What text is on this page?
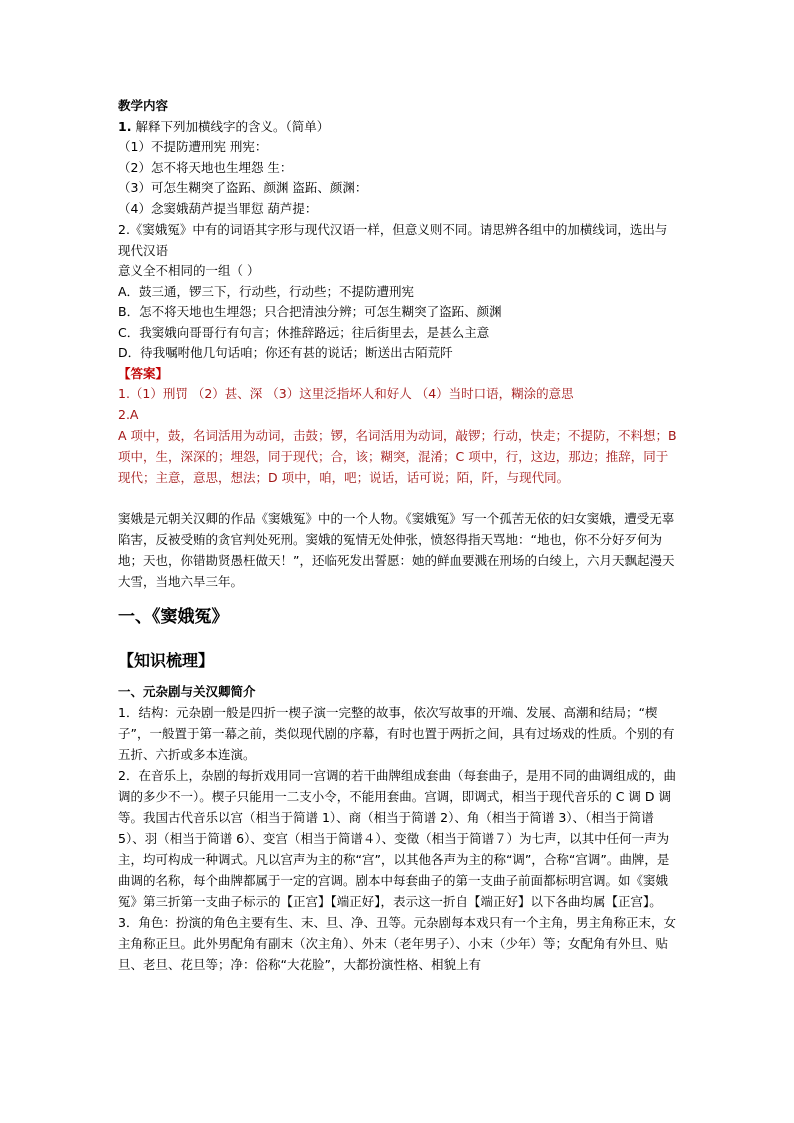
教学内容

1. 解释下列加横线字的含义。（简单）

（1）不提防遭刑宪 刑宪：

（2）怎不将天地也生埋怨 生：

（3）可怎生糊突了盗跖、颜渊 盗跖、颜渊：

（4）念窦娥葫芦提当罪愆 葫芦提：

2.《窦娥冤》中有的词语其字形与现代汉语一样，但意义则不同。请思辨各组中的加横线词，选出与现代汉语

意义全不相同的一组（ ）

A．鼓三通，锣三下，行动些，行动些；不提防遭刑宪

B．怎不将天地也生埋怨；只合把清浊分辨；可怎生糊突了盗跖、颜渊

C．我窦娥向哥哥行有句言；休推辞路远；往后街里去，是甚么主意

D．待我嘱咐他几句话咱；你还有甚的说话；断送出古陌荒阡

【答案】

1.（1）刑罚 （2）甚、深 （3）这里泛指坏人和好人 （4）当时口语，糊涂的意思

2.A

A 项中，鼓，名词活用为动词，击鼓；锣，名词活用为动词，敲锣；行动，快走；不提防，不料想；B 项中，生，深深的；埋怨，同于现代；合，该；糊突，混淆；C 项中，行，这边，那边；推辞，同于现代；主意，意思，想法；D 项中，咱，吧；说话，话可说；陌，阡，与现代同。

窦娥是元朝关汉卿的作品《窦娥冤》中的一个人物。《窦娥冤》写一个孤苦无依的妇女窦娥，遭受无辜陷害，反被受贿的贪官判处死刑。窦娥的冤情无处伸张，愤怒得指天骂地：“地也，你不分好歹何为地；天也，你错勘贤愚枉做天！”，还临死发出誓愿：她的鲜血要溅在刑场的白绫上，六月天飘起漫天大雪，当地六旱三年。

一、《窦娥冤》

【知识梳理】

一、元杂剧与关汉卿简介

1．结构：元杂剧一般是四折一楔子演一完整的故事，依次写故事的开端、发展、高潮和结局；“楔子”，一般置于第一幕之前，类似现代剧的序幕，有时也置于两折之间，具有过场戏的性质。个别的有五折、六折或多本连演。

2．在音乐上，杂剧的每折戏用同一宫调的若干曲牌组成套曲（每套曲子，是用不同的曲调组成的，曲调的多少不一）。楔子只能用一二支小令，不能用套曲。宫调，即调式，相当于现代音乐的 C 调 D 调等。我国古代音乐以宫（相当于简谱 1）、商（相当于简谱 2）、角（相当于简谱 3）、（相当于简谱 5）、羽（相当于简谱 6）、变宫（相当于简谱４）、变徵（相当于简谱７）为七声，以其中任何一声为主，均可构成一种调式。凡以宫声为主的称“宫”，以其他各声为主的称“调”，合称“宫调”。曲牌，是曲调的名称，每个曲牌都属于一定的宫调。剧本中每套曲子的第一支曲子前面都标明宫调。如《窦娥冤》第三折第一支曲子标示的【正宫】【端正好】，表示这一折自【端正好】以下各曲均属【正宫】。

3．角色：扮演的角色主要有生、末、旦、净、丑等。元杂剧每本戏只有一个主角，男主角称正末，女主角称正旦。此外男配角有副末（次主角）、外末（老年男子）、小末（少年）等；女配角有外旦、贴旦、老旦、花旦等；净：俗称“大花脸”，大都扮演性格、相貌上有
